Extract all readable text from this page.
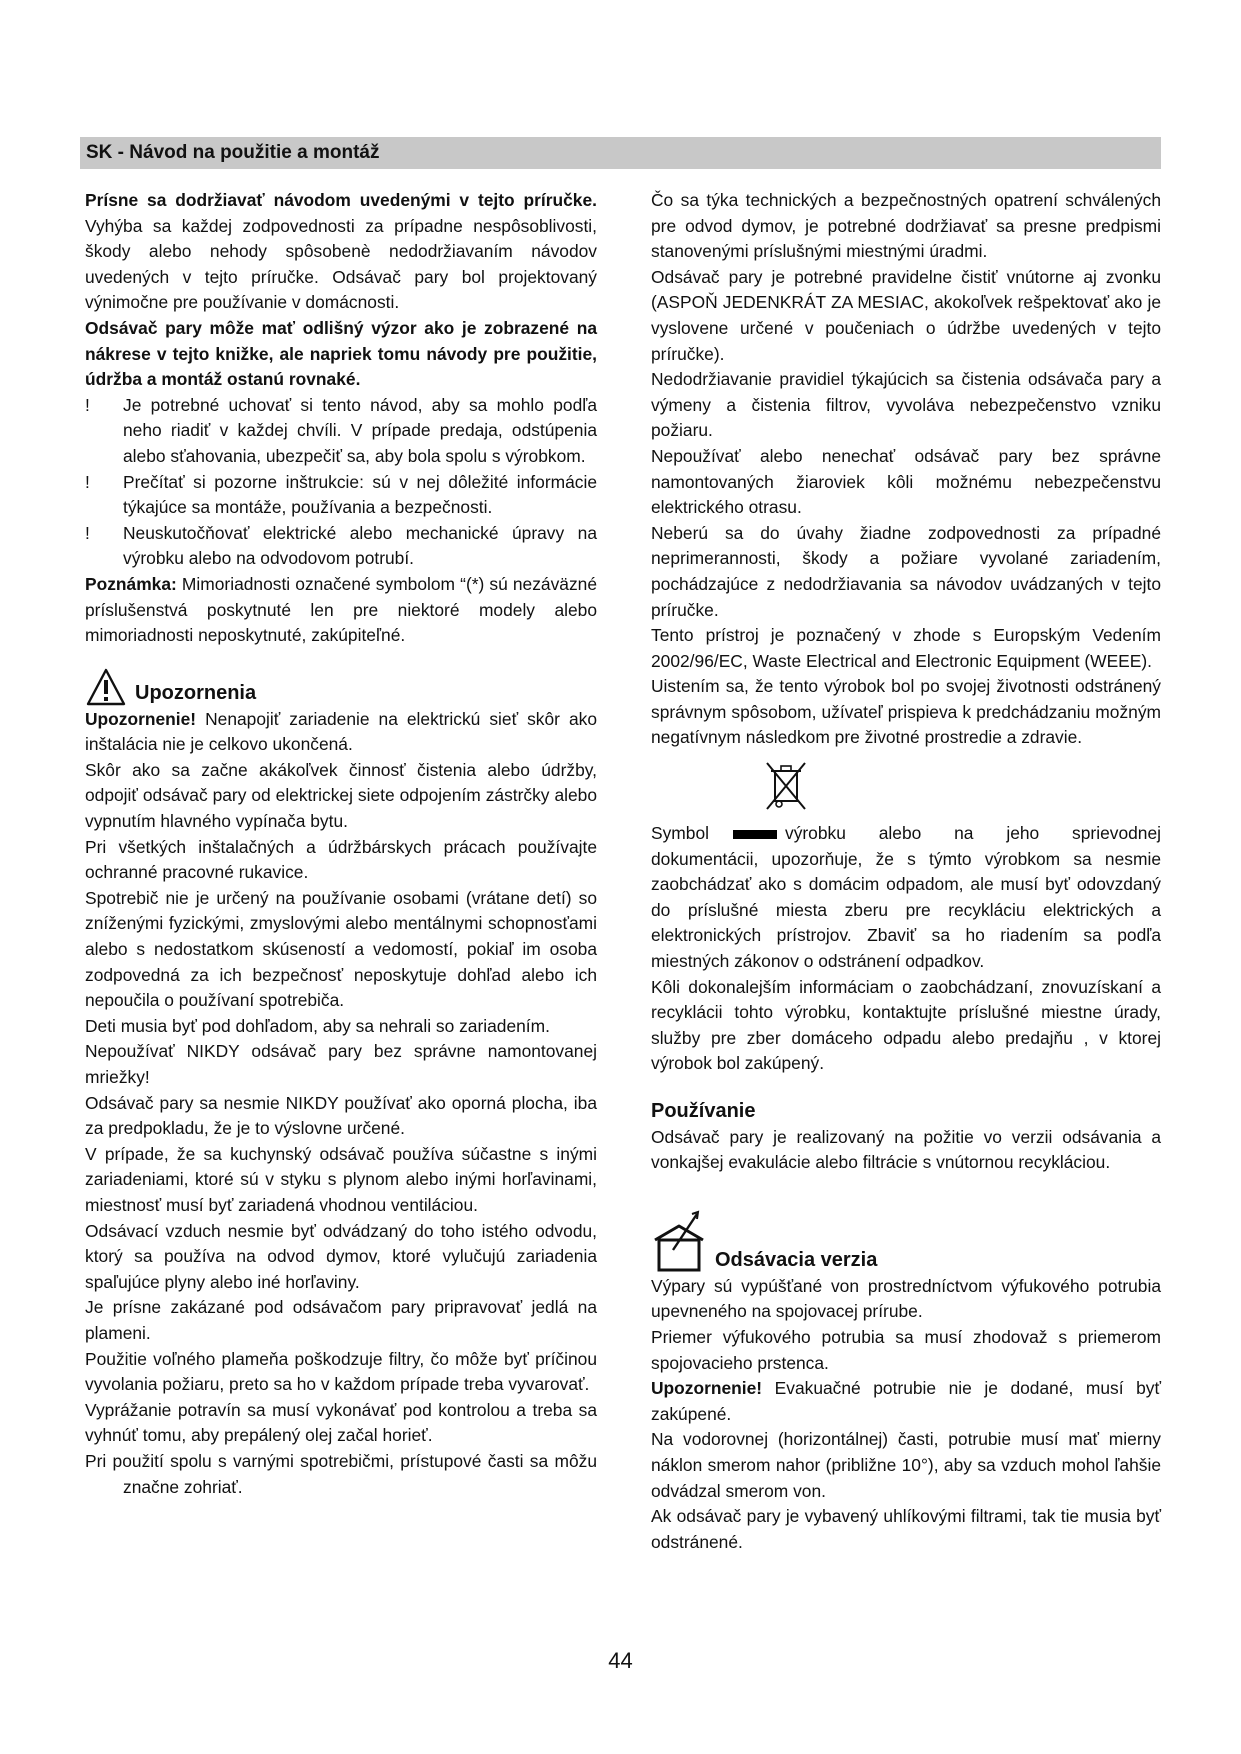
SK - Návod na použitie a montáž

Prísne sa dodržiavať návodom uvedenými v tejto príručke. Vyhýba sa každej zodpovednosti za prípadne nespôsoblivosti, škody alebo nehody spôsobenè nedodržiavaním návodov uvedených v tejto príručke. Odsávač pary bol projektovaný výnimočne pre používanie v domácnosti.

Odsávač pary môže mať odlišný výzor ako je zobrazené na nákrese v tejto knižke, ale napriek tomu návody pre použitie, údržba a montáž ostanú rovnaké.

! Je potrebné uchovať si tento návod, aby sa mohlo podľa neho riadiť v každej chvíli. V prípade predaja, odstúpenia alebo sťahovania, ubezpečiť sa, aby bola spolu s výrobkom.
! Prečítať si pozorne inštrukcie: sú v nej dôležité informácie týkajúce sa montáže, používania a bezpečnosti.
! Neuskutočňovať elektrické alebo mechanické úpravy na výrobku alebo na odvodovom potrubí.

Poznámka: Mimoriadnosti označené symbolom “(*) sú nezáväzné príslušenstvá poskytnuté len pre niektoré modely alebo mimoriadnosti neposkytnuté, zakúpiteľné.

Upozornenia

Upozornenie! Nenapojiť zariadenie na elektrickú sieť skôr ako inštalácia nie je celkovo ukončená.

Skôr ako sa začne akákoľvek činnosť čistenia alebo údržby, odpojiť odsávač pary od elektrickej siete odpojením zástrčky alebo vypnutím hlavného vypínača bytu.

Pri všetkých inštalačných a údržbárskych prácach používajte ochranné pracovné rukavice.

Spotrebič nie je určený na používanie osobami (vrátane detí) so zníženými fyzickými, zmyslovými alebo mentálnymi schopnosťami alebo s nedostatkom skúseností a vedomostí, pokiaľ im osoba zodpovedná za ich bezpečnosť neposkytuje dohľad alebo ich nepoučila o používaní spotrebiča.

Deti musia byť pod dohľadom, aby sa nehrali so zariadením.

Nepoužívať NIKDY odsávač pary bez správne namontovanej mriežky!

Odsávač pary sa nesmie NIKDY používať ako oporná plocha, iba za predpokladu, že je to výslovne určené.

V prípade, že sa kuchynský odsávač používa súčastne s inými zariadeniami, ktoré sú v styku s plynom alebo inými horľavinami, miestnosť musí byť zariadená vhodnou ventiláciou.

Odsávací vzduch nesmie byť odvádzaný do toho istého odvodu, ktorý sa používa na odvod dymov, ktoré vylučujú zariadenia spaľujúce plyny alebo iné horľaviny.

Je prísne zakázané pod odsávačom pary pripravovať jedlá na plameni.

Použitie voľného plameňa poškodzuje filtry, čo môže byť príčinou vyvolania požiaru, preto sa ho v každom prípade treba vyvarovať.

Vyprážanie potravín sa musí vykonávať pod kontrolou a treba sa vyhnúť tomu, aby prepálený olej začal horieť.

Pri použití spolu s varnými spotrebičmi, prístupové časti sa môžu značne zohriať.

Čo sa týka technických a bezpečnostných opatrení schválených pre odvod dymov, je potrebné dodržiavať sa presne predpismi stanovenými príslušnými miestnými úradmi.

Odsávač pary je potrebné pravidelne čistiť vnútorne aj zvonku (ASPOŇ JEDENKRÁT ZA MESIAC, akokoľvek rešpektovať ako je vyslovene určené v poučeniach o údržbe uvedených v tejto príručke).

Nedodržiavanie pravidiel týkajúcich sa čistenia odsávača pary a výmeny a čistenia filtrov, vyvoláva nebezpečenstvo vzniku požiaru.

Nepoužívať alebo nenechať odsávač pary bez správne namontovaných žiaroviek kôli možnému nebezpečenstvu elektrického otrasu.

Neberú sa do úvahy žiadne zodpovednosti za prípadné neprimerannosti, škody a požiare vyvolané zariadením, pochádzajúce z nedodržiavania sa návodov uvádzaných v tejto príručke.

Tento prístroj je poznačený v zhode s Europským Vedením 2002/96/EC, Waste Electrical and Electronic Equipment (WEEE).

Uistením sa, že tento výrobok bol po svojej životnosti odstránený správnym spôsobom, užívateľ prispieva k predchádzaniu možným negatívnym následkom pre životné prostredie a zdravie.

Symbol	výrobku alebo na jeho sprievodnej dokumentácii, upozorňuje, že s týmto výrobkom sa nesmie zaobchádzať ako s domácim odpadom, ale musí byť odovzdaný do príslušné miesta zberu pre recykláciu elektrických a elektronických prístrojov. Zbaviť sa ho riadením sa podľa miestných zákonov o odstránení odpadkov.

Kôli dokonalejším informáciam o zaobchádzaní, znovuzískaní a recyklácii tohto výrobku, kontaktujte príslušné miestne úrady, služby pre zber domáceho odpadu alebo predajňu , v ktorej výrobok bol zakúpený.

Používanie

Odsávač pary je realizovaný na požitie vo verzii odsávania a vonkajšej evakulácie alebo filtrácie s vnútornou recykláciou.

Odsávacia verzia

Výpary sú vypúšťané von prostredníctvom výfukového potrubia upevneného na spojovacej prírube.

Priemer výfukového potrubia sa musí zhodovaž s priemerom spojovacieho prstenca.

Upozornenie! Evakuačné potrubie nie je dodané, musí byť zakúpené.

Na vodorovnej (horizontálnej) časti, potrubie musí mať mierny náklon smerom nahor (približne 10°), aby sa vzduch mohol ľahšie odvádzal smerom von.

Ak odsávač pary je vybavený uhlíkovými filtrami, tak tie musia byť odstránené.

44
